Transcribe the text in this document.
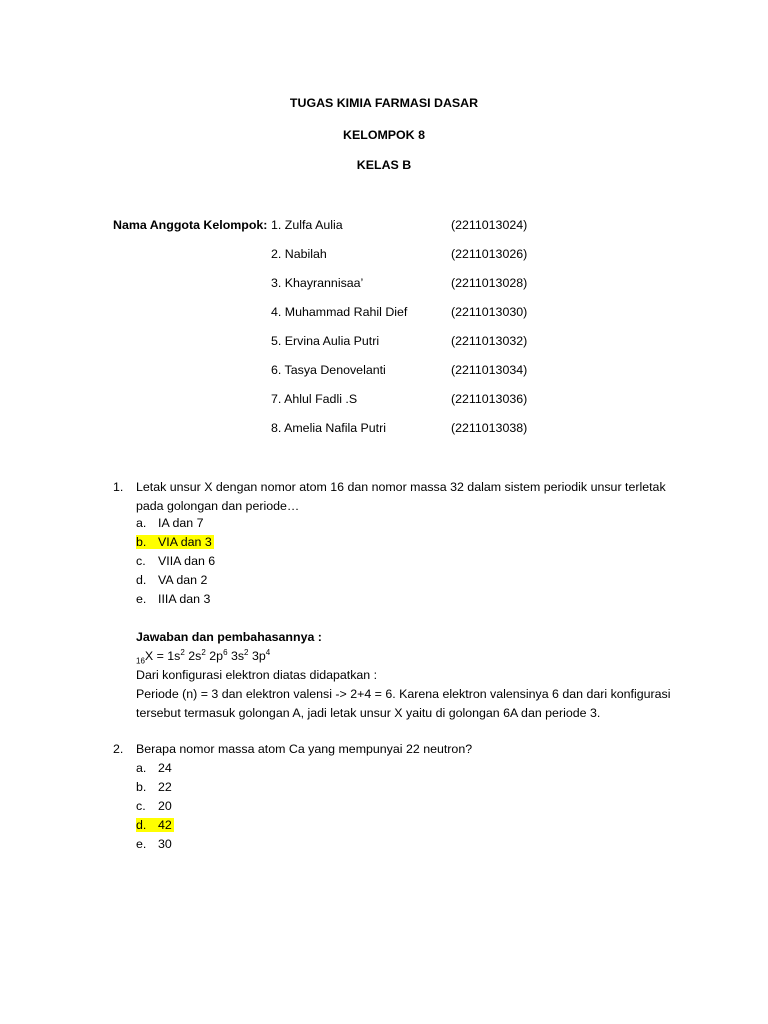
TUGAS KIMIA FARMASI DASAR
KELOMPOK 8
KELAS B
Nama Anggota Kelompok: 1. Zulfa Aulia	(2211013024)
2. Nabilah	(2211013026)
3. Khayrannisaa’	(2211013028)
4. Muhammad Rahil Dief	(2211013030)
5. Ervina Aulia Putri	(2211013032)
6. Tasya Denovelanti	(2211013034)
7. Ahlul Fadli .S	(2211013036)
8. Amelia Nafila Putri	(2211013038)
1. Letak unsur X dengan nomor atom 16 dan nomor massa 32 dalam sistem periodik unsur terletak pada golongan dan periode…
a. IA dan 7
b. VIA dan 3
c. VIIA dan 6
d. VA dan 2
e. IIIA dan 3
Jawaban dan pembahasannya :
$_{16}X = 1s^2$ $2s^2$ $2p^6$ $3s^2$ $3p^4$
Dari konfigurasi elektron diatas didapatkan :
Periode (n) = 3 dan elektron valensi -> 2+4 = 6. Karena elektron valensinya 6 dan dari konfigurasi tersebut termasuk golongan A, jadi letak unsur X yaitu di golongan 6A dan periode 3.
2. Berapa nomor massa atom Ca yang mempunyai 22 neutron?
a. 24
b. 22
c. 20
d. 42
e. 30
